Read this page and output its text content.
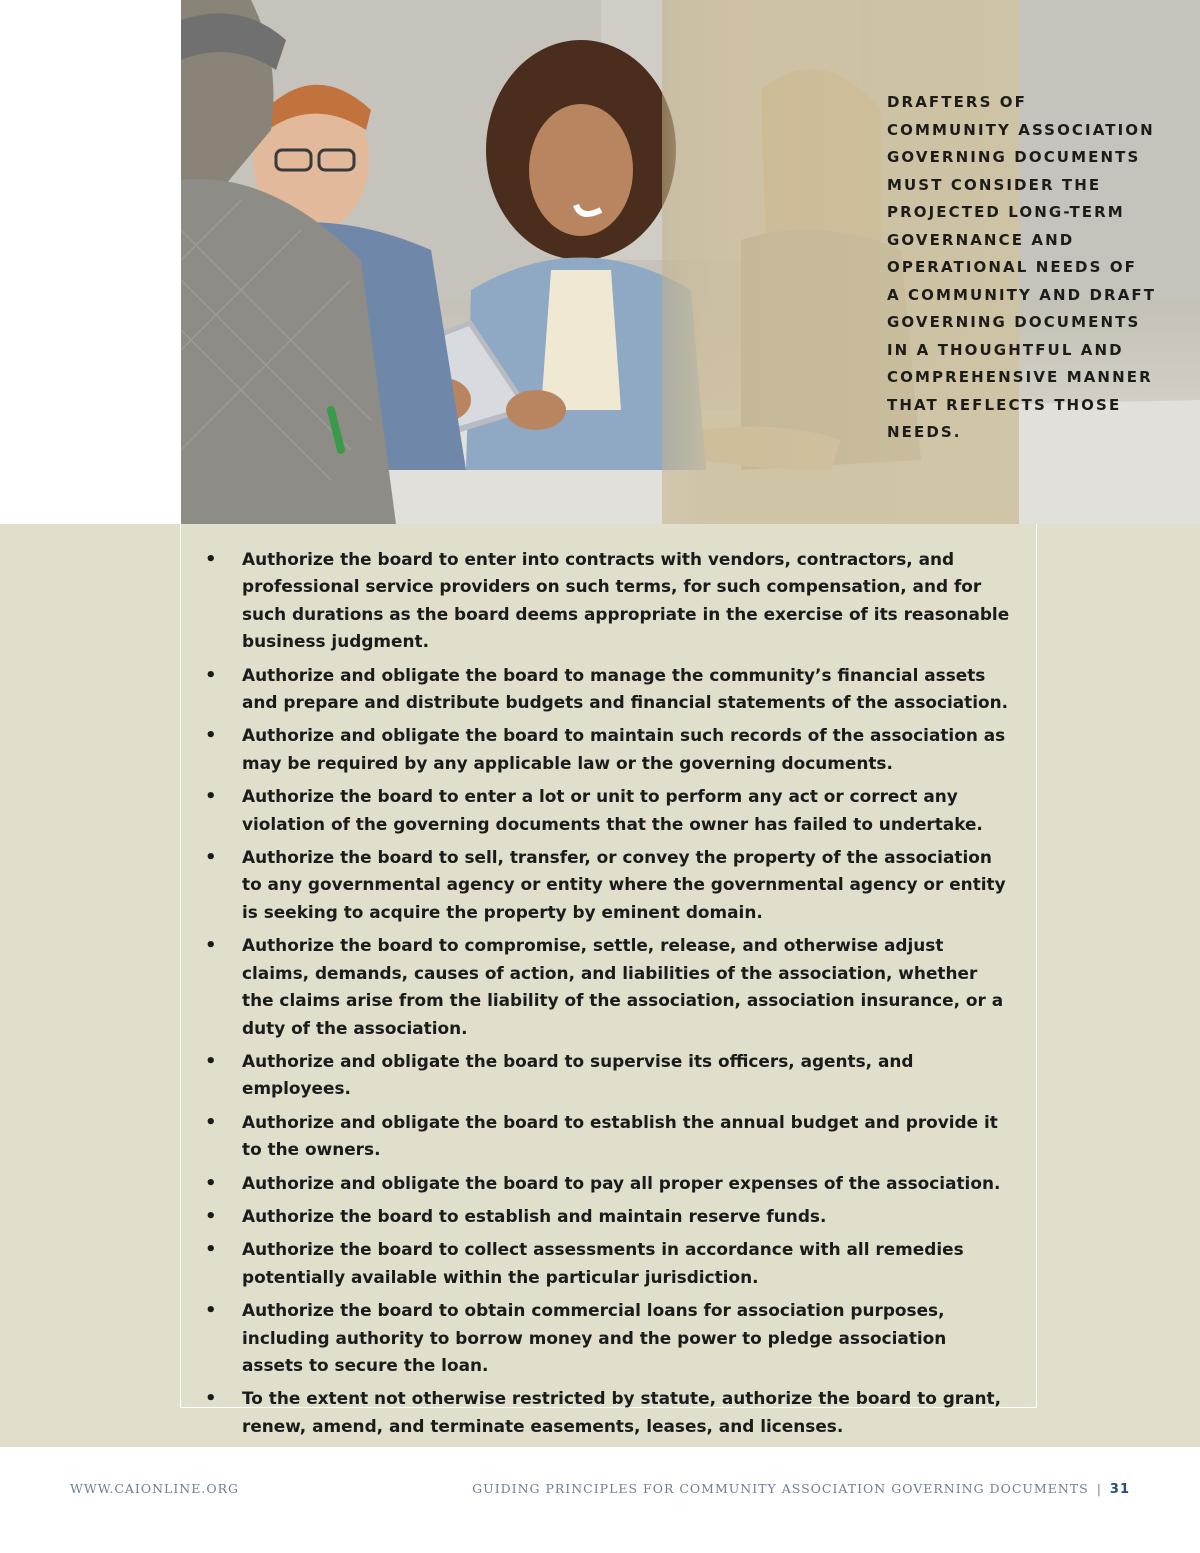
DRAFTERS OF COMMUNITY ASSOCIATION GOVERNING DOCUMENTS MUST CONSIDER THE PROJECTED LONG-TERM GOVERNANCE AND OPERATIONAL NEEDS OF A COMMUNITY AND DRAFT GOVERNING DOCUMENTS IN A THOUGHTFUL AND COMPREHENSIVE MANNER THAT REFLECTS THOSE NEEDS.

• Authorize the board to enter into contracts with vendors, contractors, and professional service providers on such terms, for such compensation, and for such durations as the board deems appropriate in the exercise of its reasonable business judgment.
• Authorize and obligate the board to manage the community’s financial assets and prepare and distribute budgets and financial statements of the association.
• Authorize and obligate the board to maintain such records of the association as may be required by any applicable law or the governing documents.
• Authorize the board to enter a lot or unit to perform any act or correct any violation of the governing documents that the owner has failed to undertake.
• Authorize the board to sell, transfer, or convey the property of the association to any governmental agency or entity where the governmental agency or entity is seeking to acquire the property by eminent domain.
• Authorize the board to compromise, settle, release, and otherwise adjust claims, demands, causes of action, and liabilities of the association, whether the claims arise from the liability of the association, association insurance, or a duty of the association.
• Authorize and obligate the board to supervise its officers, agents, and employees.
• Authorize and obligate the board to establish the annual budget and provide it to the owners.
• Authorize and obligate the board to pay all proper expenses of the association.
• Authorize the board to establish and maintain reserve funds.
• Authorize the board to collect assessments in accordance with all remedies potentially available within the particular jurisdiction.
• Authorize the board to obtain commercial loans for association purposes, including authority to borrow money and the power to pledge association assets to secure the loan.
• To the extent not otherwise restricted by statute, authorize the board to grant, renew, amend, and terminate easements, leases, and licenses.
WWW.CAIONLINE.ORG	GUIDING PRINCIPLES FOR COMMUNITY ASSOCIATION GOVERNING DOCUMENTS | 31
